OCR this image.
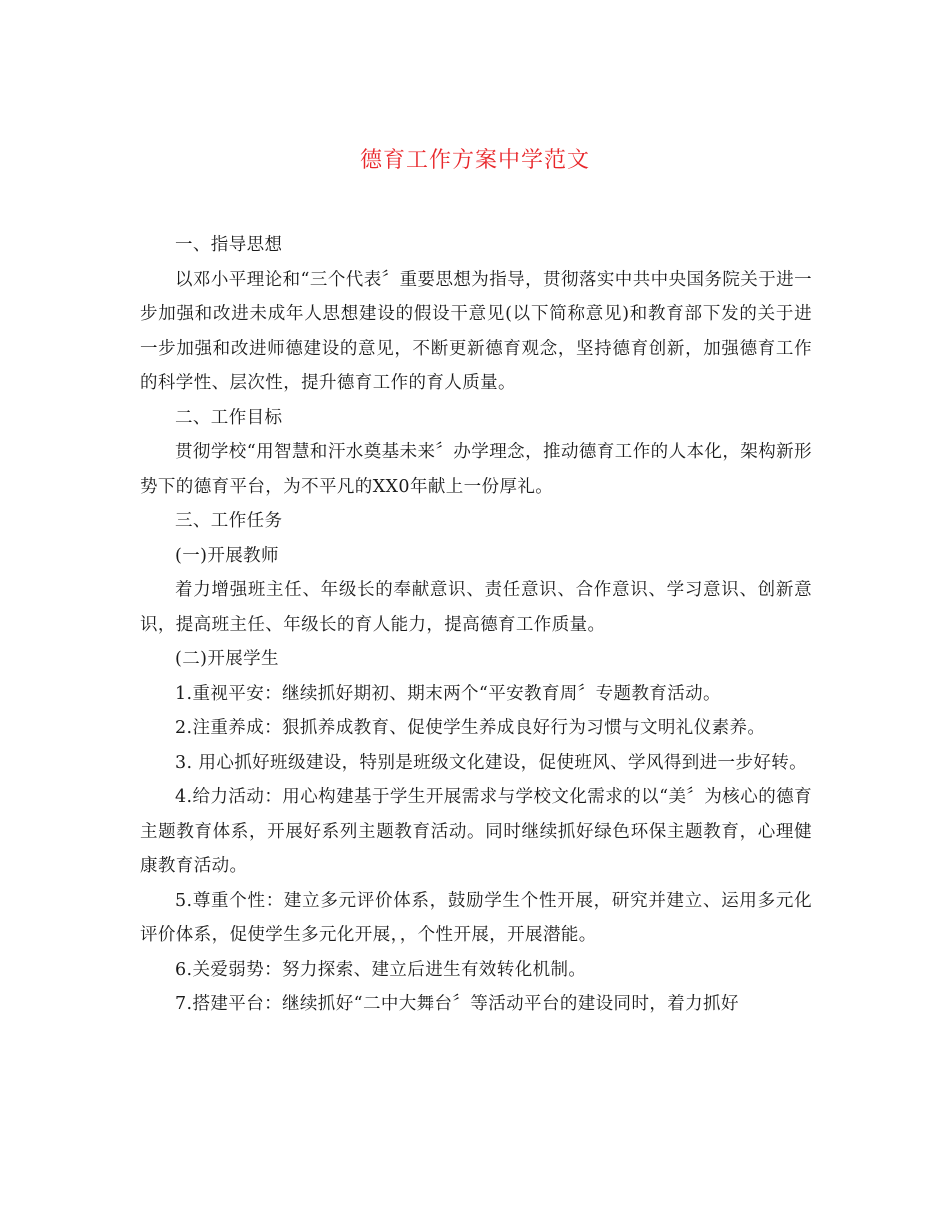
德育工作方案中学范文

一、指导思想

以邓小平理论和“三个代表〞重要思想为指导，贯彻落实中共中央国务院关于进一步加强和改进未成年人思想建设的假设干意见(以下简称意见)和教育部下发的关于进一步加强和改进师德建设的意见，不断更新德育观念，坚持德育创新，加强德育工作的科学性、层次性，提升德育工作的育人质量。

二、工作目标

贯彻学校“用智慧和汗水奠基未来〞办学理念，推动德育工作的人本化，架构新形势下的德育平台，为不平凡的XX0年献上一份厚礼。

三、工作任务

(一)开展教师

着力增强班主任、年级长的奉献意识、责任意识、合作意识、学习意识、创新意识，提高班主任、年级长的育人能力，提高德育工作质量。

(二)开展学生

1.重视平安：继续抓好期初、期末两个“平安教育周〞专题教育活动。

2.注重养成：狠抓养成教育、促使学生养成良好行为习惯与文明礼仪素养。

3. 用心抓好班级建设，特别是班级文化建设，促使班风、学风得到进一步好转。

4.给力活动：用心构建基于学生开展需求与学校文化需求的以“美〞为核心的德育主题教育体系，开展好系列主题教育活动。同时继续抓好绿色环保主题教育，心理健康教育活动。

5.尊重个性：建立多元评价体系，鼓励学生个性开展，研究并建立、运用多元化评价体系，促使学生多元化开展，，个性开展，开展潜能。

6.关爱弱势：努力探索、建立后进生有效转化机制。

7.搭建平台：继续抓好“二中大舞台〞等活动平台的建设同时，着力抓好
